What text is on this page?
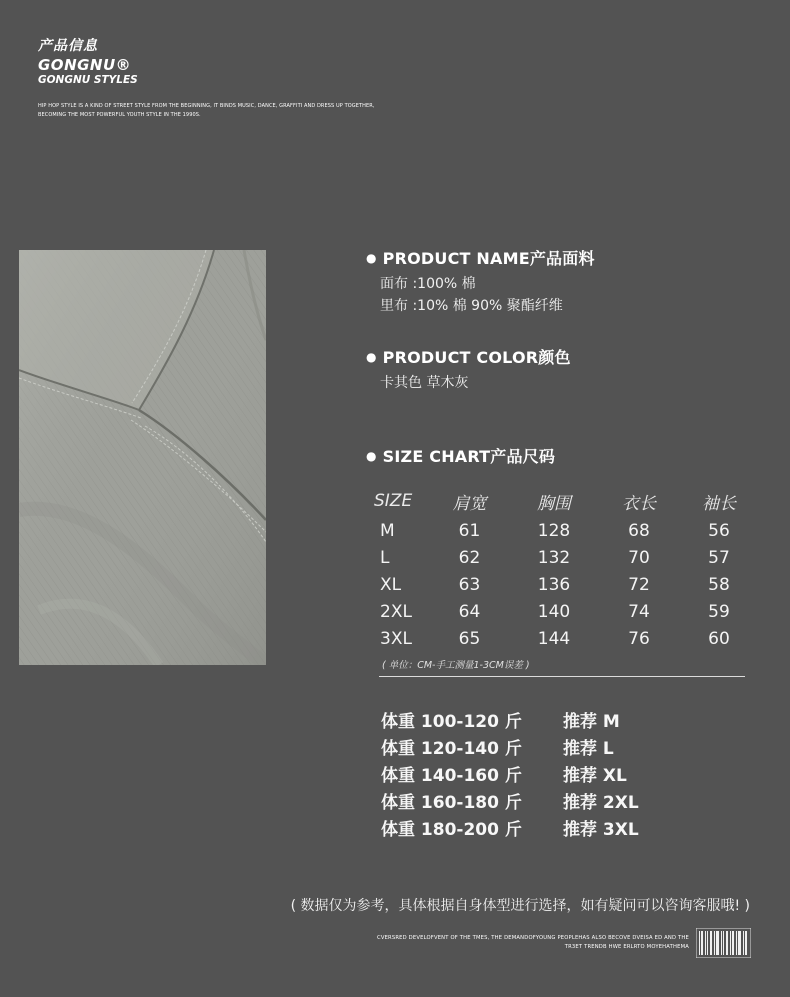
产品信息
GONGNU®
GONGNU STYLES
HIP HOP STYLE IS A KIND OF STREET STYLE FROM THE BEGINNING, IT BINDS MUSIC, DANCE, GRAFFITI AND DRESS UP TOGETHER,
BECOMING THE MOST POWERFUL YOUTH STYLE IN THE 1990S.
● PRODUCT NAME产品面料
面布 :100% 棉
里布 :10% 棉 90% 聚酯纤维
● PRODUCT COLOR颜色
卡其色 草木灰
● SIZE CHART产品尺码
SIZE	肩宽	胸围	衣长	袖长
M	61	128	68	56
L	62	132	70	57
XL	63	136	72	58
2XL	64	140	74	59
3XL	65	144	76	60
( 单位：CM-手工测量1-3CM误差 )
体重 100-120 斤	推荐 M
体重 120-140 斤	推荐 L
体重 140-160 斤	推荐 XL
体重 160-180 斤	推荐 2XL
体重 180-200 斤	推荐 3XL
( 数据仅为参考，具体根据自身体型进行选择，如有疑问可以咨询客服哦! )
CVERSRED DEVELOFVENT OF THE TMES, THE DEMANDOFYOUNG PEOPLEHAS ALSO BECOVE DVEISA ED AND THE
TR3ET TRENDB HWE ERLRTO MOYEHATHEMA
